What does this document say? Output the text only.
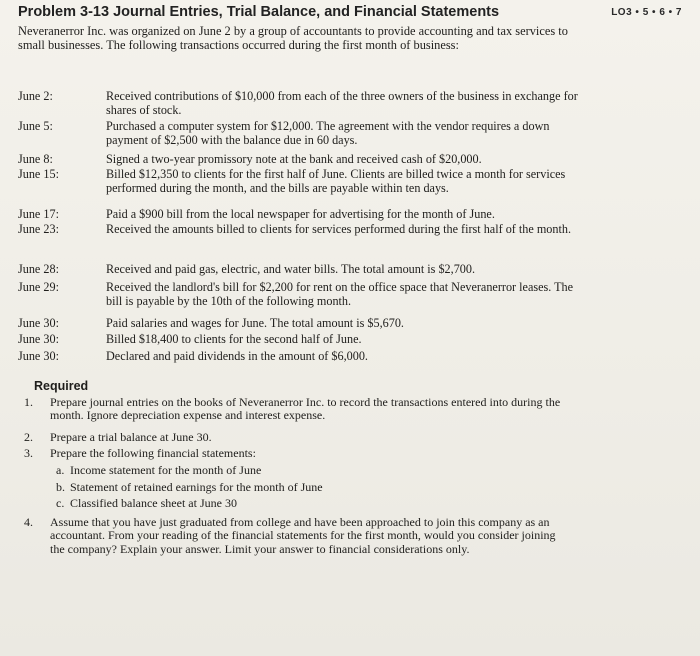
Problem 3-13 Journal Entries, Trial Balance, and Financial Statements	LO3 • 5 • 6 • 7
Neveranerror Inc. was organized on June 2 by a group of accountants to provide accounting and tax services to small businesses. The following transactions occurred during the first month of business:
June 2:	Received contributions of $10,000 from each of the three owners of the business in exchange for shares of stock.
June 5:	Purchased a computer system for $12,000. The agreement with the vendor requires a down payment of $2,500 with the balance due in 60 days.
June 8:	Signed a two-year promissory note at the bank and received cash of $20,000.
June 15:	Billed $12,350 to clients for the first half of June. Clients are billed twice a month for services performed during the month, and the bills are payable within ten days.
June 17:	Paid a $900 bill from the local newspaper for advertising for the month of June.
June 23:	Received the amounts billed to clients for services performed during the first half of the month.
June 28:	Received and paid gas, electric, and water bills. The total amount is $2,700.
June 29:	Received the landlord's bill for $2,200 for rent on the office space that Neveranerror leases. The bill is payable by the 10th of the following month.
June 30:	Paid salaries and wages for June. The total amount is $5,670.
June 30:	Billed $18,400 to clients for the second half of June.
June 30:	Declared and paid dividends in the amount of $6,000.
Required
1.	Prepare journal entries on the books of Neveranerror Inc. to record the transactions entered into during the month. Ignore depreciation expense and interest expense.
2.	Prepare a trial balance at June 30.
3.	Prepare the following financial statements:
a. Income statement for the month of June
b. Statement of retained earnings for the month of June
c. Classified balance sheet at June 30
4.	Assume that you have just graduated from college and have been approached to join this company as an accountant. From your reading of the financial statements for the first month, would you consider joining the company? Explain your answer. Limit your answer to financial considerations only.
